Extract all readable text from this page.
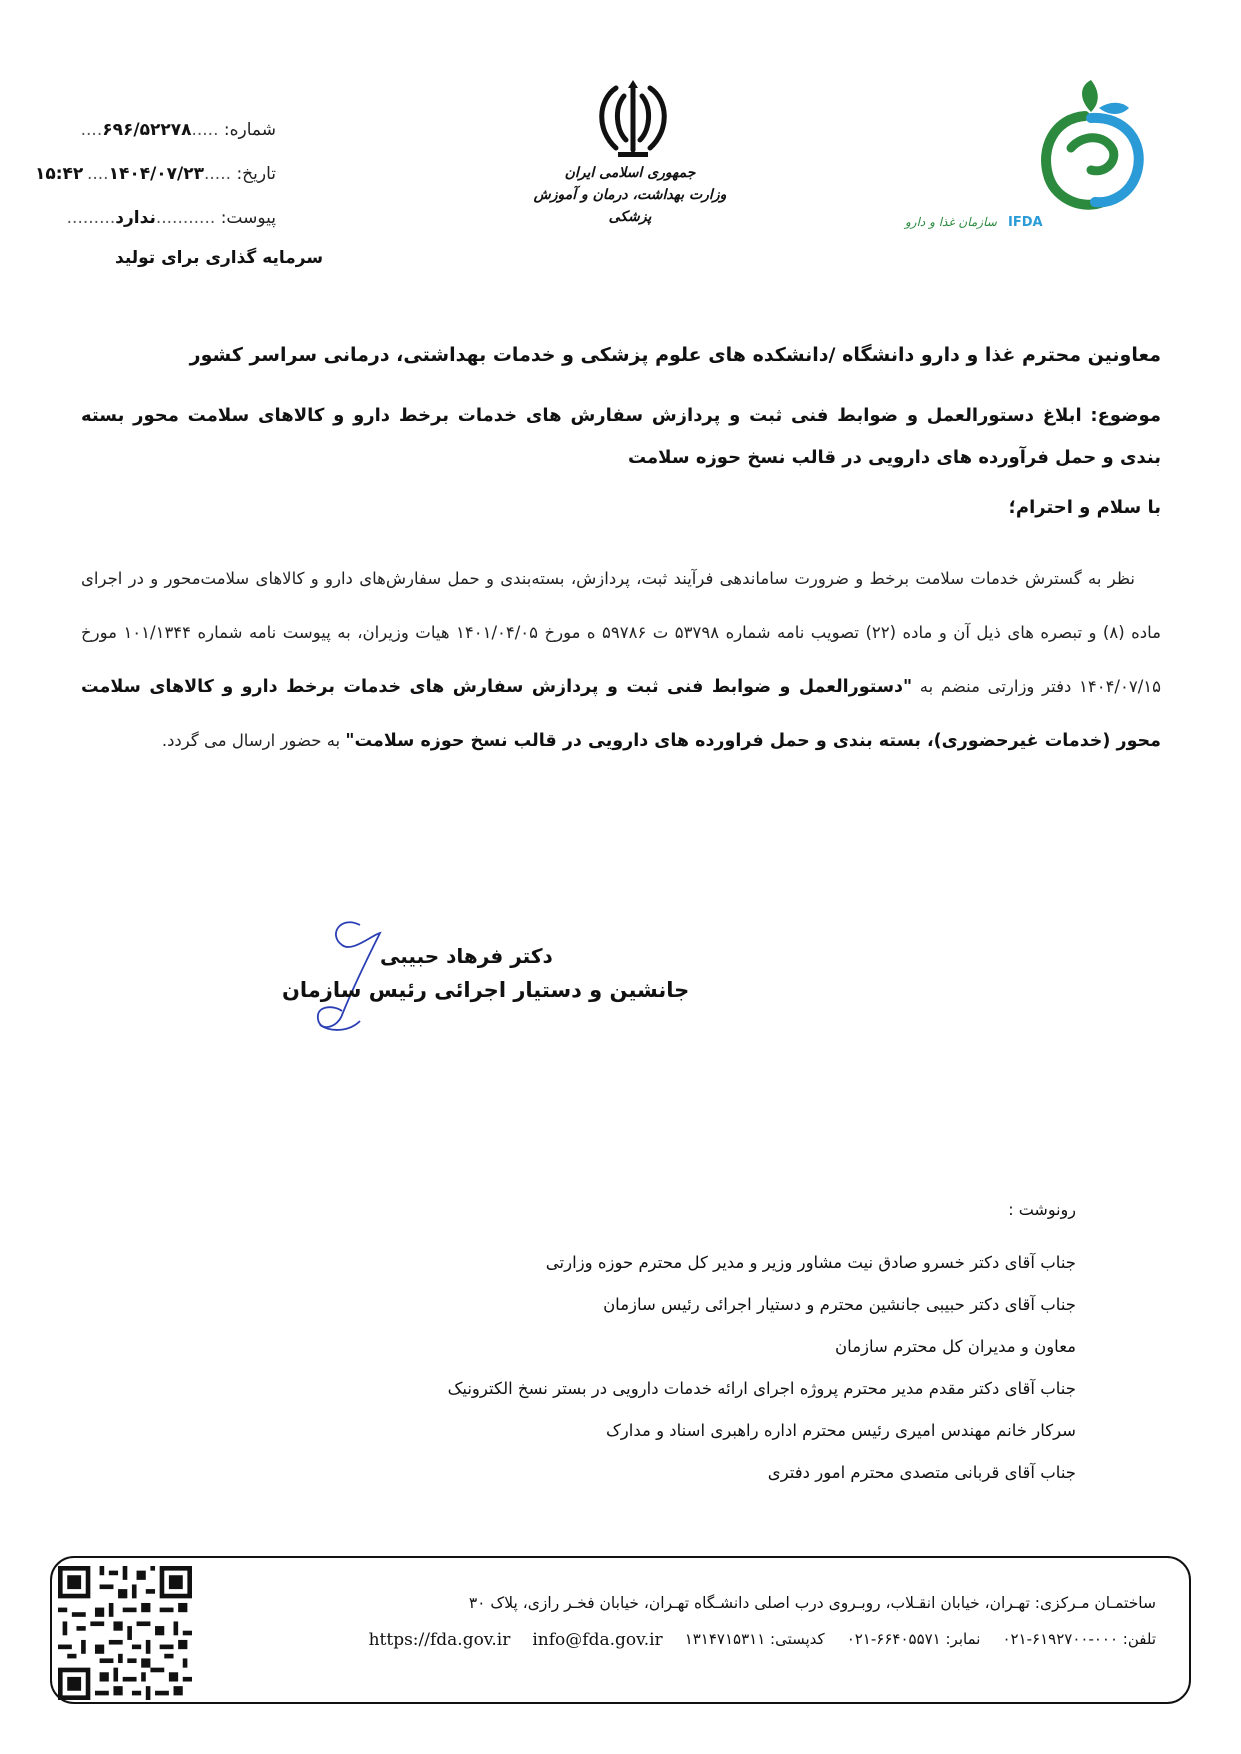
شماره: .....۶۹۶/۵۲۲۷۸....
تاریخ: .....۱۴۰۴/۰۷/۲۳....
۱۵:۴۲
پیوست: ...........ندارد.........
سرمایه گذاری برای تولید
جمهوری اسلامی ایران
وزارت بهداشت، درمان و آموزش پزشکی	IFDA
سازمان غذا و دارو
معاونین محترم غذا و دارو دانشگاه /دانشکده های علوم پزشکی و خدمات بهداشتی، درمانی سراسر کشور
موضوع: ابلاغ دستورالعمل و ضوابط فنی ثبت و پردازش سفارش های خدمات برخط دارو و کالاهای سلامت محور بسته بندی و حمل فرآورده های دارویی در قالب نسخ حوزه سلامت
با سلام و احترام؛
نظر به گسترش خدمات سلامت برخط و ضرورت ساماندهی فرآیند ثبت، پردازش، بسته‌بندی و حمل سفارش‌های دارو و کالاهای سلامت‌محور و در اجرای ماده (۸) و تبصره های ذیل آن و ماده (۲۲) تصویب نامه شماره ۵۳۷۹۸ ت ۵۹۷۸۶ ه مورخ ۱۴۰۱/۰۴/۰۵ هیات وزیران، به پیوست نامه شماره ۱۰۱/۱۳۴۴ مورخ ۱۴۰۴/۰۷/۱۵ دفتر وزارتی منضم به "دستورالعمل و ضوابط فنی ثبت و پردازش سفارش های خدمات برخط دارو و کالاهای سلامت محور (خدمات غیرحضوری)، بسته بندی و حمل فراورده های دارویی در قالب نسخ حوزه سلامت" به حضور ارسال می گردد.
دکتر فرهاد حبیبی
جانشین و دستیار اجرائی رئیس سازمان
رونوشت :
جناب آقای دکتر خسرو صادق نیت مشاور وزیر و مدیر کل محترم حوزه وزارتی
جناب آقای دکتر حبیبی جانشین محترم و دستیار اجرائی رئیس سازمان
معاون و مدیران کل محترم سازمان
جناب آقای دکتر مقدم مدیر محترم پروژه اجرای ارائه خدمات دارویی در بستر نسخ الکترونیک
سرکار خانم مهندس امیری رئیس محترم اداره راهبری اسناد و مدارک
جناب آقای قربانی متصدی محترم امور دفتری
ساختمـان مـرکزی: تهـران، خیابان انقـلاب، روبـروی درب اصلی دانشـگاه تهـران، خیابان فخـر رازی، پلاک ۳۰
تلفن: ۰۰۰-۶۱۹۲۷۰۰-۰۲۱
نمابر: ۶۶۴۰۵۵۷۱-۰۲۱
کدپستی: ۱۳۱۴۷۱۵۳۱۱
info@fda.gov.ir
https://fda.gov.ir
